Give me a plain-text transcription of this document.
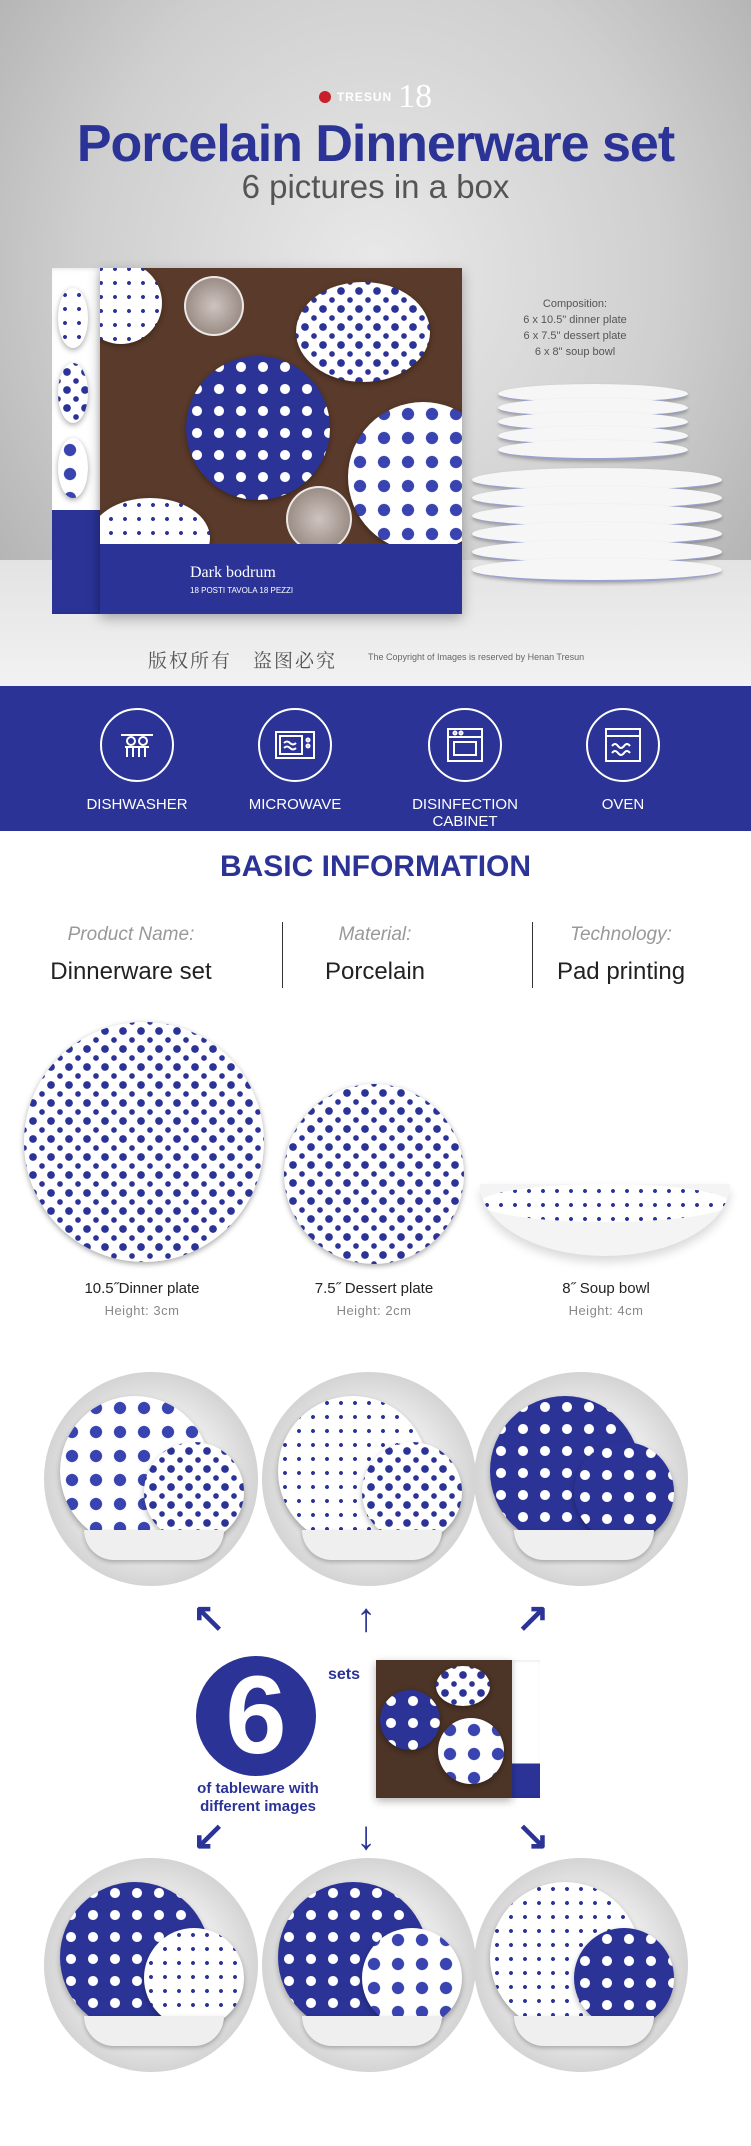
TRESUN 18
Porcelain Dinnerware set
6 pictures in a box
Composition:
6 x 10.5" dinner plate
6 x 7.5" dessert plate
6 x 8" soup bowl
Dark bodrum
18 POSTI TAVOLA 18 PEZZI
版权所有　盗图必究	The Copyright of Images is reserved by Henan Tresun
DISHWASHER	MICROWAVE	DISINFECTION CABINET
OVEN
BASIC INFORMATION
Product Name:
Dinnerware set
Material:
Porcelain
Technology:
Pad printing
10.5˝Dinner plate
Height: 3cm
7.5˝ Dessert plate
Height: 2cm
8˝ Soup bowl
Height: 4cm
↖	↑	↗
↙	↓	↘
6	sets
of tableware with
different images
